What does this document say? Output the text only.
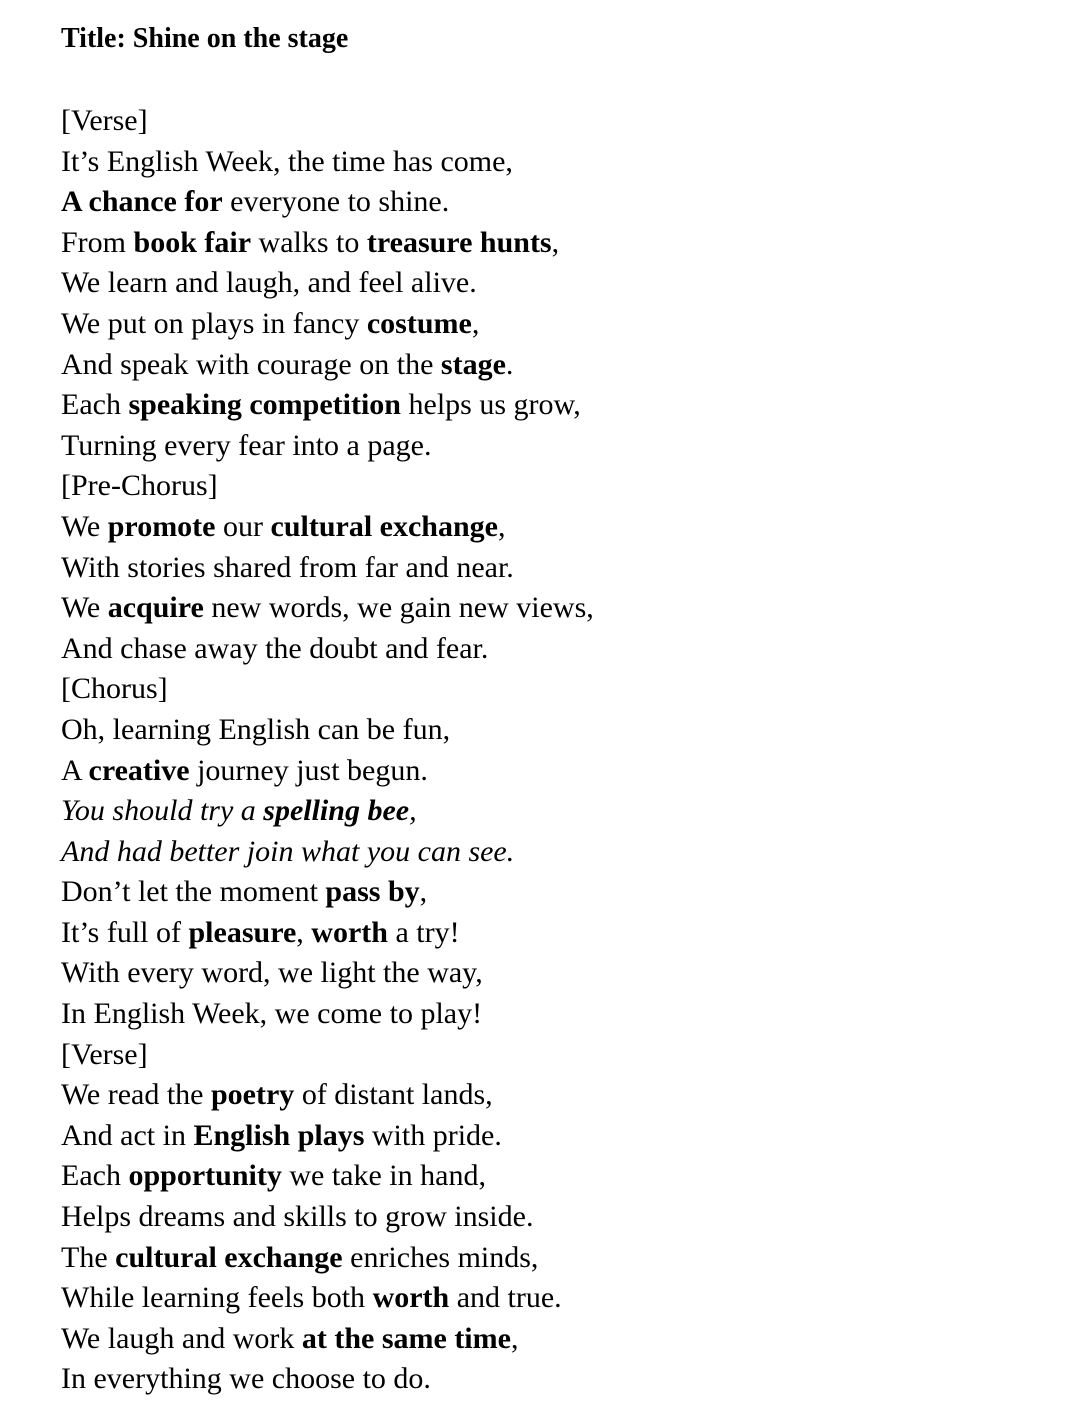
Title: Shine on the stage
[Verse]
It’s English Week, the time has come,
A chance for everyone to shine.
From book fair walks to treasure hunts,
We learn and laugh, and feel alive.
We put on plays in fancy costume,
And speak with courage on the stage.
Each speaking competition helps us grow,
Turning every fear into a page.
[Pre-Chorus]
We promote our cultural exchange,
With stories shared from far and near.
We acquire new words, we gain new views,
And chase away the doubt and fear.
[Chorus]
Oh, learning English can be fun,
A creative journey just begun.
You should try a spelling bee,
And had better join what you can see.
Don’t let the moment pass by,
It’s full of pleasure, worth a try!
With every word, we light the way,
In English Week, we come to play!
[Verse]
We read the poetry of distant lands,
And act in English plays with pride.
Each opportunity we take in hand,
Helps dreams and skills to grow inside.
The cultural exchange enriches minds,
While learning feels both worth and true.
We laugh and work at the same time,
In everything we choose to do.
